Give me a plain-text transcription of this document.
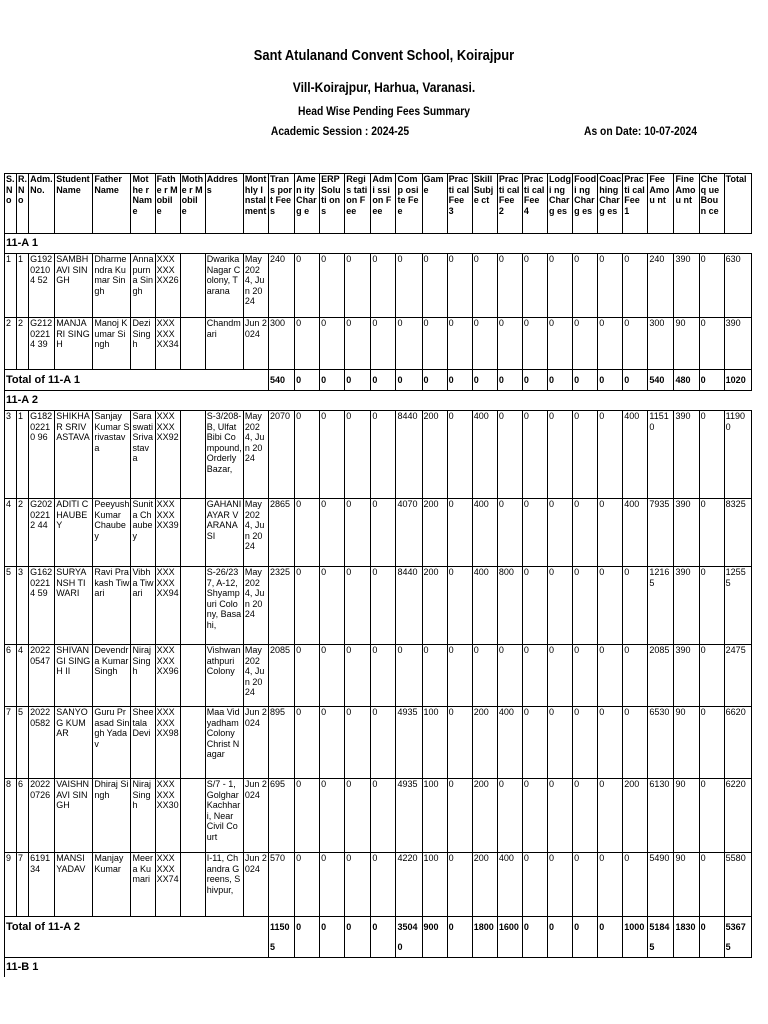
Sant Atulanand Convent School, Koirajpur
Vill-Koirajpur, Harhua, Varanasi.
Head Wise Pending Fees Summary
Academic Session : 2024-25	As on Date: 10-07-2024
S. N o	R. N o	Adm. No.	Student Name	Father Name	Mothe r Name	Fathe r Mobil e	Mothe r Mobil e	Address	Mont hly Instal ment	Trans port Fees	Amen ity Charg e	ERP Soluti ons	Regis tation Fee	Admi ssion Fee	Comp osite Fee	Game	Practi cal Fee 3	Skill Subje ct	Practi cal Fee 2	Practi cal Fee 4	Lodgi ng Charg es	Foodi ng Charg es	Coac hing Charg es	Practi cal Fee 1	Fee Amou nt	Fine Amou nt	Cheq ue Boun ce	Total
11-A 1																												
1	1	G19202104 52	SAMBHAVI SINGH	Dharmendra Kumar Singh	Annapurna Singh	XXXXXXXX26		Dwarika Nagar Colony, Tarana	May 2024, Jun 2024	240	0	0	0	0	0	0	0	0	0	0	0	0	0	0	240	390	0	630
2	2	G21202214 39	MANJARI SINGH	Manoj Kumar Singh	Dezi Singh	XXXXXXXX34		Chandmari	Jun 2024	300	0	0	0	0	0	0	0	0	0	0	0	0	0	0	300	90	0	390
Total of 11-A 1										540	0	0	0	0	0	0	0	0	0	0	0	0	0	0	540	480	0	1020
11-A 2																												
3	1	G18202210 96	SHIKHAR SRIVASTAVA	Sanjay Kumar Srivastava	Saraswati Srivastava	XXXXXXXX92		S-3/208-B, Ulfat Bibi Compound, Orderly Bazar,	May 2024, Jun 2024	2070	0	0	0	0	8440	200	0	400	0	0	0	0	0	400	11510	390	0	11900
4	2	G20202212 44	ADITI CHAUBEY	Peeyush Kumar Chaubey	Sunita Chaubey	XXXXXXXX39		GAHANI AYAR VARANASI	May 2024, Jun 2024	2865	0	0	0	0	4070	200	0	400	0	0	0	0	0	400	7935	390	0	8325
5	3	G16202214 59	SURYANSH TIWARI	Ravi Prakash Tiwari	Vibha Tiwari	XXXXXXXX94		S-26/237, A-12, Shyampuri Colony, Basahi,	May 2024, Jun 2024	2325	0	0	0	0	8440	200	0	400	800	0	0	0	0	0	12165	390	0	12555
6	4	20220547	SHIVANGI SINGH II	Devendra Kumar Singh	Niraj Singh	XXXXXXXX96		Vishwanathpuri Colony	May 2024, Jun 2024	2085	0	0	0	0	0	0	0	0	0	0	0	0	0	0	2085	390	0	2475
7	5	20220582	SANYOG KUMAR	Guru Prasad Singh Yadav	Sheetala Devi	XXXXXXXX98		Maa Vidyadham Colony Christ Nagar	Jun 2024	895	0	0	0	0	4935	100	0	200	400	0	0	0	0	0	6530	90	0	6620
8	6	20220726	VAISHNAVI SINGH	Dhiraj Singh	Niraj Singh	XXXXXXXX30		S/7 - 1, Golghar Kachhari, Near Civil Court	Jun 2024	695	0	0	0	0	4935	100	0	200	0	0	0	0	0	200	6130	90	0	6220
9	7	619134	MANSI YADAV	Manjay Kumar	Meera Kumari	XXXXXXXX74		I-11, Chandra Greens, Shivpur,	Jun 2024	570	0	0	0	0	4220	100	0	200	400	0	0	0	0	0	5490	90	0	5580
Total of 11-A 2										11505	0	0	0	0	35040	900	0	1800	1600	0	0	0	0	1000	51845	1830	0	53675
11-B 1																												
